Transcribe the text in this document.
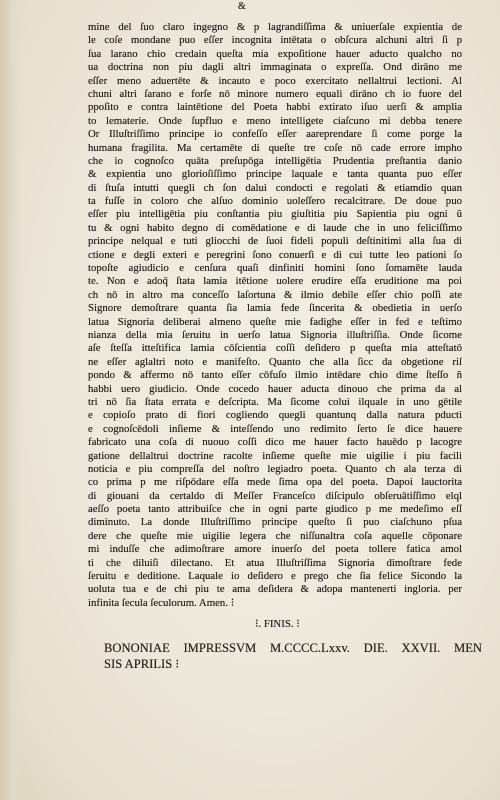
&
mine del ſuo claro ingegno & p lagrandiſſima & uniuerſale expientia de
le coſe mondane puo eſſer incognita intētata o obſcura alchuni altri ſi p
ſua larano chio credain queſta mia expoſitione hauer aducto qualcho no
ua doctrina non piu dagli altri immaginata o expreſſa. Ond dirāno me
eſſer meno aduertēte & incauto e poco exercitato nellaltrui lectioni. Al
chuni altri ſarano e forſe nō minore numero equali dirāno ch io fuore del
ppoſito e contra laintētione del Poeta habbi extirato iſuo uerſi & amplia
to lematerie. Onde ſupfluo e meno intelligete ciaſcuno mi debba tenere
Or Illuſtriſſimo principe io confeſſo eſſer aareprendare ſi come porge la
humana fragilita. Ma certamēte di queſte tre coſe nō cade errore impho
che io cognoſco quāta preſupōga intelligētia Prudentia preſtantia danio
& expientia uno glorioſiſſimo principe laquale e tanta quanta puo eſſer
di ſtuſa intutti quegli ch ſon dalui condocti e regolati & etiamdio quan
ta fuſſe in coloro che alſuo dominio uoleſſero recalcitrare. De doue puo
eſſer piu intelligētia piu conſtantia piu giuſtitia piu Sapientia piu ogni ũ
tu & ogni habito degno di comēdatione e di laude che in uno feliciſſimo
principe nelqual e tuti gliocchi de ſuoi fideli populi deſtinitimi alla ſua di
ctione e degli exteri e peregrini ſono conuerſi e di cui tutte leo pationi ſo
topoſte agiudicio e cenſura quaſi dinfiniti homini ſono ſomamēte lauda
te. Non e adoq̄ ſtata lamia itētione uolere erudire eſſa eruditione ma poi
ch nō in altro ma conceſſo laſortuna & ilmio debile eſſer chio poſſi ate
Signore demoſtrare quanta ſia lamia fede ſincerita & obedietia in uerſo
latua Signoria deliberai almeno queſte mie fadighe eſſer in fed e teſtimo
nianza della mia ſeruitu in uerſo latua Signoria illuſtriſſia. Onde ſicome
aſe ſteſſa itteſtifica lamia cōſcientia coſſi deſidero p queſta mia atteſtatō
ne eſſer aglaltri noto e manifeſto. Quanto che alla ſicc da obgetione riſ
pondo & affermo nō tanto eſſer cōfuſo ilmio intēdare chio dime ſteſſo ñ
habbi uero giudicio. Onde cocedo hauer aducta dinouo che prima da al
tri nō ſia ſtata errata e deſcripta. Ma ſicome colui ilquale in uno gētile
e copioſo prato di fiori cogliendo quegli quantunq dalla natura pducti
e cognoſcēdoli inſieme & inteſſendo uno redimito ſerto ſe dice hauere
fabricato una coſa di nuouo coſſi dico me hauer facto hauēdo p lacogre
gatione dellaltrui doctrine racolte inſieme queſte mie uigilie i piu facili
noticia e piu compreſſa del noſtro legiadro poeta. Quanto ch ala terza di
co prima p me riſpōdare eſſa mede ſima opa del poeta. Dapoi lauctorita
di giouani da certaldo di Meſſer Franceſco diſcipulo obſeruātiſſimo elql
aeſſo poeta tanto attribuiſce che in ogni parte giudico p me medeſimo eſſ
diminuto. La donde Illuſtriſſimo principe queſto ſi puo ciaſchuno pſua
dere che queſte mie uigilie legera che niſſunaltra coſa aquelle cōponare
mi induſſe che adimoſtrare amore inuerſo del poeta tollere fatica amol
ti che diluiſi dilectano. Et atua Illuſtriſſima Signoria dimoſtrare fede
ſeruitu e deditione. Laquale io deſidero e prego che ſia felice Sicondo la
uoluta tua e de chi piu te ama deſidera & adopa mantenerti ingloria. per
infinita ſecula ſeculorum. Amen. ⁝
⁝. FINIS. ⁝
BONONIAE IMPRESSVM M.CCCC.Lxxv. DIE. XXVII. MEN
SIS APRILIS ⁝
